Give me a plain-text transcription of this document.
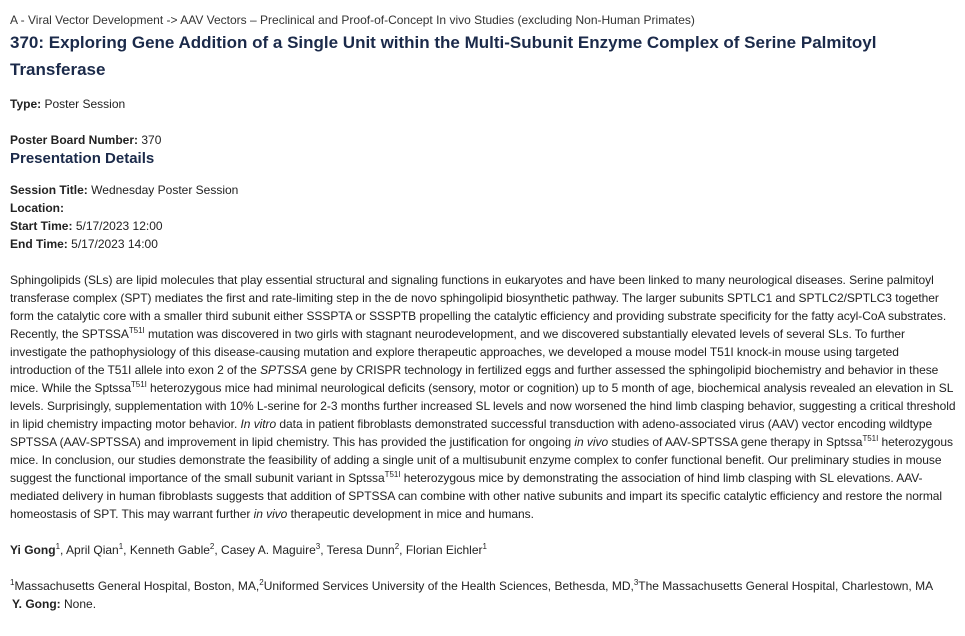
A - Viral Vector Development -> AAV Vectors – Preclinical and Proof-of-Concept In vivo Studies (excluding Non-Human Primates)

370: Exploring Gene Addition of a Single Unit within the Multi-Subunit Enzyme Complex of Serine Palmitoyl Transferase

Type: Poster Session

Poster Board Number: 370

Presentation Details

Session Title: Wednesday Poster Session

Location:

Start Time: 5/17/2023 12:00

End Time: 5/17/2023 14:00

Sphingolipids (SLs) are lipid molecules that play essential structural and signaling functions in eukaryotes and have been linked to many neurological diseases. Serine palmitoyl transferase complex (SPT) mediates the first and rate-limiting step in the de novo sphingolipid biosynthetic pathway. The larger subunits SPTLC1 and SPTLC2/SPTLC3 together form the catalytic core with a smaller third subunit either SSSPTA or SSSPTB propelling the catalytic efficiency and providing substrate specificity for the fatty acyl-CoA substrates. Recently, the $SPTSSA^{T51I}$ mutation was discovered in two girls with stagnant neurodevelopment, and we discovered substantially elevated levels of several SLs. To further investigate the pathophysiology of this disease-causing mutation and explore therapeutic approaches, we developed a mouse model T51I knock-in mouse using targeted introduction of the T51I allele into exon 2 of the SPTSSA gene by CRISPR technology in fertilized eggs and further assessed the sphingolipid biochemistry and behavior in these mice. While the Sptssa$^{T51I}$ heterozygous mice had minimal neurological deficits (sensory, motor or cognition) up to 5 month of age, biochemical analysis revealed an elevation in SL levels. Surprisingly, supplementation with 10% L-serine for 2-3 months further increased SL levels and now worsened the hind limb clasping behavior, suggesting a critical threshold in lipid chemistry impacting motor behavior. In vitro data in patient fibroblasts demonstrated successful transduction with adeno-associated virus (AAV) vector encoding wildtype SPTSSA (AAV-SPTSSA) and improvement in lipid chemistry. This has provided the justification for ongoing in vivo studies of AAV-SPTSSA gene therapy in Sptssa$^{T51I}$ heterozygous mice. In conclusion, our studies demonstrate the feasibility of adding a single unit of a multisubunit enzyme complex to confer functional benefit. Our preliminary studies in mouse suggest the functional importance of the small subunit variant in Sptssa$^{T51I}$ heterozygous mice by demonstrating the association of hind limb clasping with SL elevations. AAV-mediated delivery in human fibroblasts suggests that addition of SPTSSA can combine with other native subunits and impart its specific catalytic efficiency and restore the normal homeostasis of SPT. This may warrant further in vivo therapeutic development in mice and humans.

Yi Gong$^1$, April Qian$^1$, Kenneth Gable$^2$, Casey A. Maguire$^3$, Teresa Dunn$^2$, Florian Eichler$^1$

$^1$Massachusetts General Hospital, Boston, MA,$^2$Uniformed Services University of the Health Sciences, Bethesda, MD,$^3$The Massachusetts General Hospital, Charlestown, MA

Y. Gong: None.
